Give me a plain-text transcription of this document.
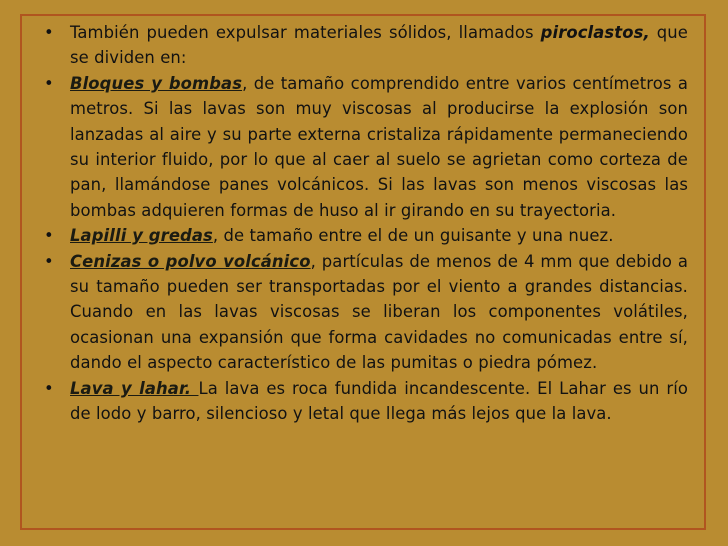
• También pueden expulsar materiales sólidos, llamados piroclastos, que se dividen en:
• Bloques y bombas, de tamaño comprendido entre varios centímetros a metros. Si las lavas son muy viscosas al producirse la explosión son lanzadas al aire y su parte externa cristaliza rápidamente permaneciendo su interior fluido, por lo que al caer al suelo se agrietan como corteza de pan, llamándose panes volcánicos. Si las lavas son menos viscosas las bombas adquieren formas de huso al ir girando en su trayectoria.
• Lapilli y gredas, de tamaño entre el de un guisante y una nuez.
• Cenizas o polvo volcánico, partículas de menos de 4 mm que debido a su tamaño pueden ser transportadas por el viento a grandes distancias. Cuando en las lavas viscosas se liberan los componentes volátiles, ocasionan una expansión que forma cavidades no comunicadas entre sí, dando el aspecto característico de las pumitas o piedra pómez.
• Lava y lahar. La lava es roca fundida incandescente. El Lahar es un río de lodo y barro, silencioso y letal que llega más lejos que la lava.
